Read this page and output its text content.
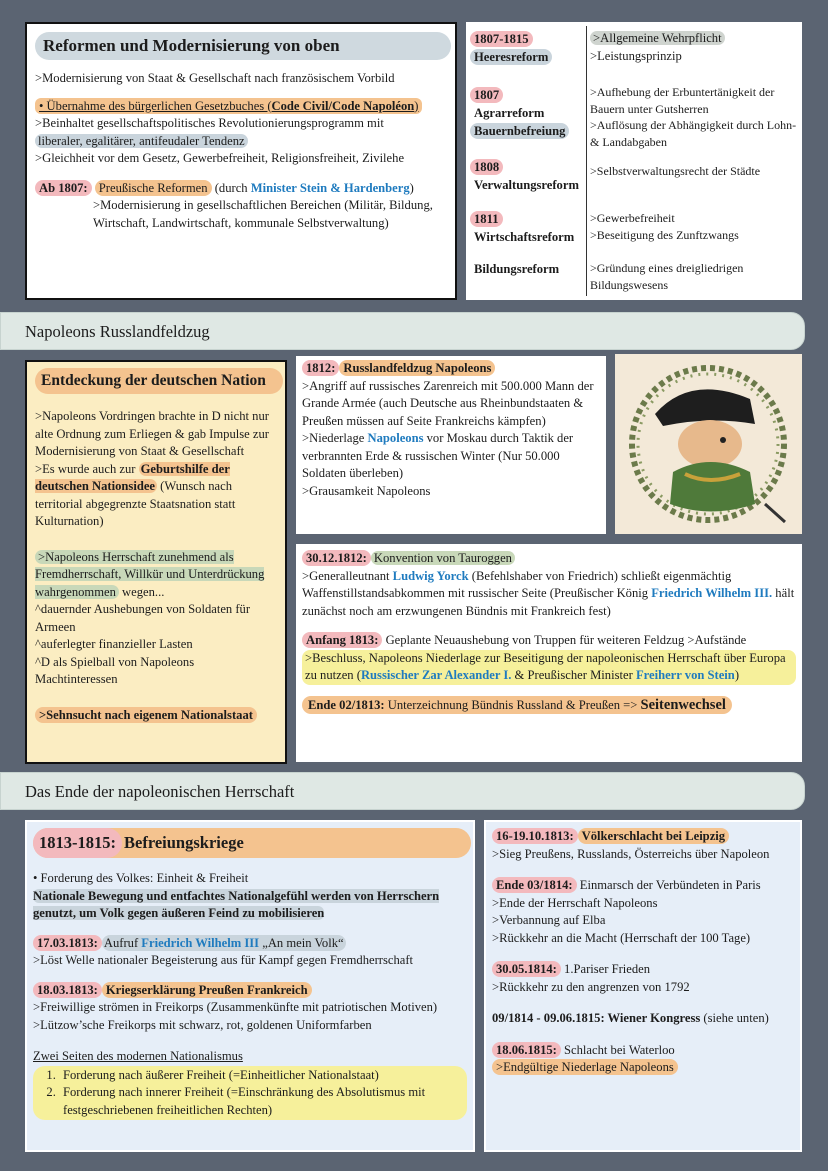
Reformen und Modernisierung von oben

>Modernisierung von Staat & Gesellschaft nach französischem Vorbild

• Übernahme des bürgerlichen Gesetzbuches (Code Civil/Code Napoléon)

>Beinhaltet gesellschaftspolitisches Revolutionierungsprogramm mit
liberaler, egalitärer, antifeudaler Tendenz

>Gleichheit vor dem Gesetz, Gewerbefreiheit, Religionsfreiheit, Zivilehe

Ab 1807: Preußische Reformen (durch Minister Stein & Hardenberg)

>Modernisierung in gesellschaftlichen Bereichen (Militär, Bildung, Wirtschaft, Landwirtschaft, kommunale Selbstverwaltung)

1807-1815
Heeresreform
>Allgemeine Wehrpflicht
>Leistungsprinzip
1807
Agrarreform
Bauernbefreiung
>Aufhebung der Erbuntertänigkeit der Bauern unter Gutsherren
>Auflösung der Abhängigkeit durch Lohn- & Landabgaben
1808
Verwaltungsreform
>Selbstverwaltungsrecht der Städte
1811
Wirtschaftsreform
>Gewerbefreiheit
>Beseitigung des Zunftzwangs
Bildungsreform	>Gründung eines dreigliedrigen Bildungswesens
Napoleons Russlandfeldzug
Entdeckung der deutschen Nation

>Napoleons Vordringen brachte in D nicht nur alte Ordnung zum Erliegen & gab Impulse zur Modernisierung von Staat & Gesellschaft

>Es wurde auch zur Geburtshilfe der deutschen Nationsidee (Wunsch nach territorial abgegrenzte Staatsnation statt Kulturnation)

>Napoleons Herrschaft zunehmend als Fremdherrschaft, Willkür und Unterdrückung wahrgenommen wegen...

^dauernder Aushebungen von Soldaten für Armeen

^auferlegter finanzieller Lasten

^D als Spielball von Napoleons Machtinteressen

>Sehnsucht nach eigenem Nationalstaat

1812: Russlandfeldzug Napoleons

>Angriff auf russisches Zarenreich mit 500.000 Mann der Grande Armée (auch Deutsche aus Rheinbundstaaten & Preußen müssen auf Seite Frankreichs kämpfen)

>Niederlage Napoleons vor Moskau durch Taktik der verbrannten Erde & russischen Winter (Nur 50.000 Soldaten überleben)

>Grausamkeit Napoleons

30.12.1812: Konvention von Tauroggen

>Generalleutnant Ludwig Yorck (Befehlshaber von Friedrich) schließt eigenmächtig Waffenstillstandsabkommen mit russischer Seite (Preußischer König Friedrich Wilhelm III. hält zunächst noch am erzwungenen Bündnis mit Frankreich fest)

Anfang 1813: Geplante Neuaushebung von Truppen für weiteren Feldzug >Aufstände

>Beschluss, Napoleons Niederlage zur Beseitigung der napoleonischen Herrschaft über Europa zu nutzen (Russischer Zar Alexander I. & Preußischer Minister Freiherr von Stein)

Ende 02/1813: Unterzeichnung Bündnis Russland & Preußen => Seitenwechsel

Das Ende der napoleonischen Herrschaft
1813-1815: Befreiungskriege

• Forderung des Volkes: Einheit & Freiheit

Nationale Bewegung und entfachtes Nationalgefühl werden von Herrschern genutzt, um Volk gegen äußeren Feind zu mobilisieren

17.03.1813: Aufruf Friedrich Wilhelm III „An mein Volk“

>Löst Welle nationaler Begeisterung aus für Kampf gegen Fremdherrschaft

18.03.1813: Kriegserklärung Preußen Frankreich

>Freiwillige strömen in Freikorps (Zusammenkünfte mit patriotischen Motiven) >Lützow’sche Freikorps mit schwarz, rot, goldenen Uniformfarben

Zwei Seiten des modernen Nationalismus

1. Forderung nach äußerer Freiheit (=Einheitlicher Nationalstaat)
2. Forderung nach innerer Freiheit (=Einschränkung des Absolutismus mit festgeschriebenen freiheitlichen Rechten)

16-19.10.1813: Völkerschlacht bei Leipzig

>Sieg Preußens, Russlands, Österreichs über Napoleon

Ende 03/1814: Einmarsch der Verbündeten in Paris

>Ende der Herrschaft Napoleons

>Verbannung auf Elba

>Rückkehr an die Macht (Herrschaft der 100 Tage)

30.05.1814: 1.Pariser Frieden

>Rückkehr zu den angrenzen von 1792

09/1814 - 09.06.1815: Wiener Kongress (siehe unten)

18.06.1815: Schlacht bei Waterloo

>Endgültige Niederlage Napoleons
